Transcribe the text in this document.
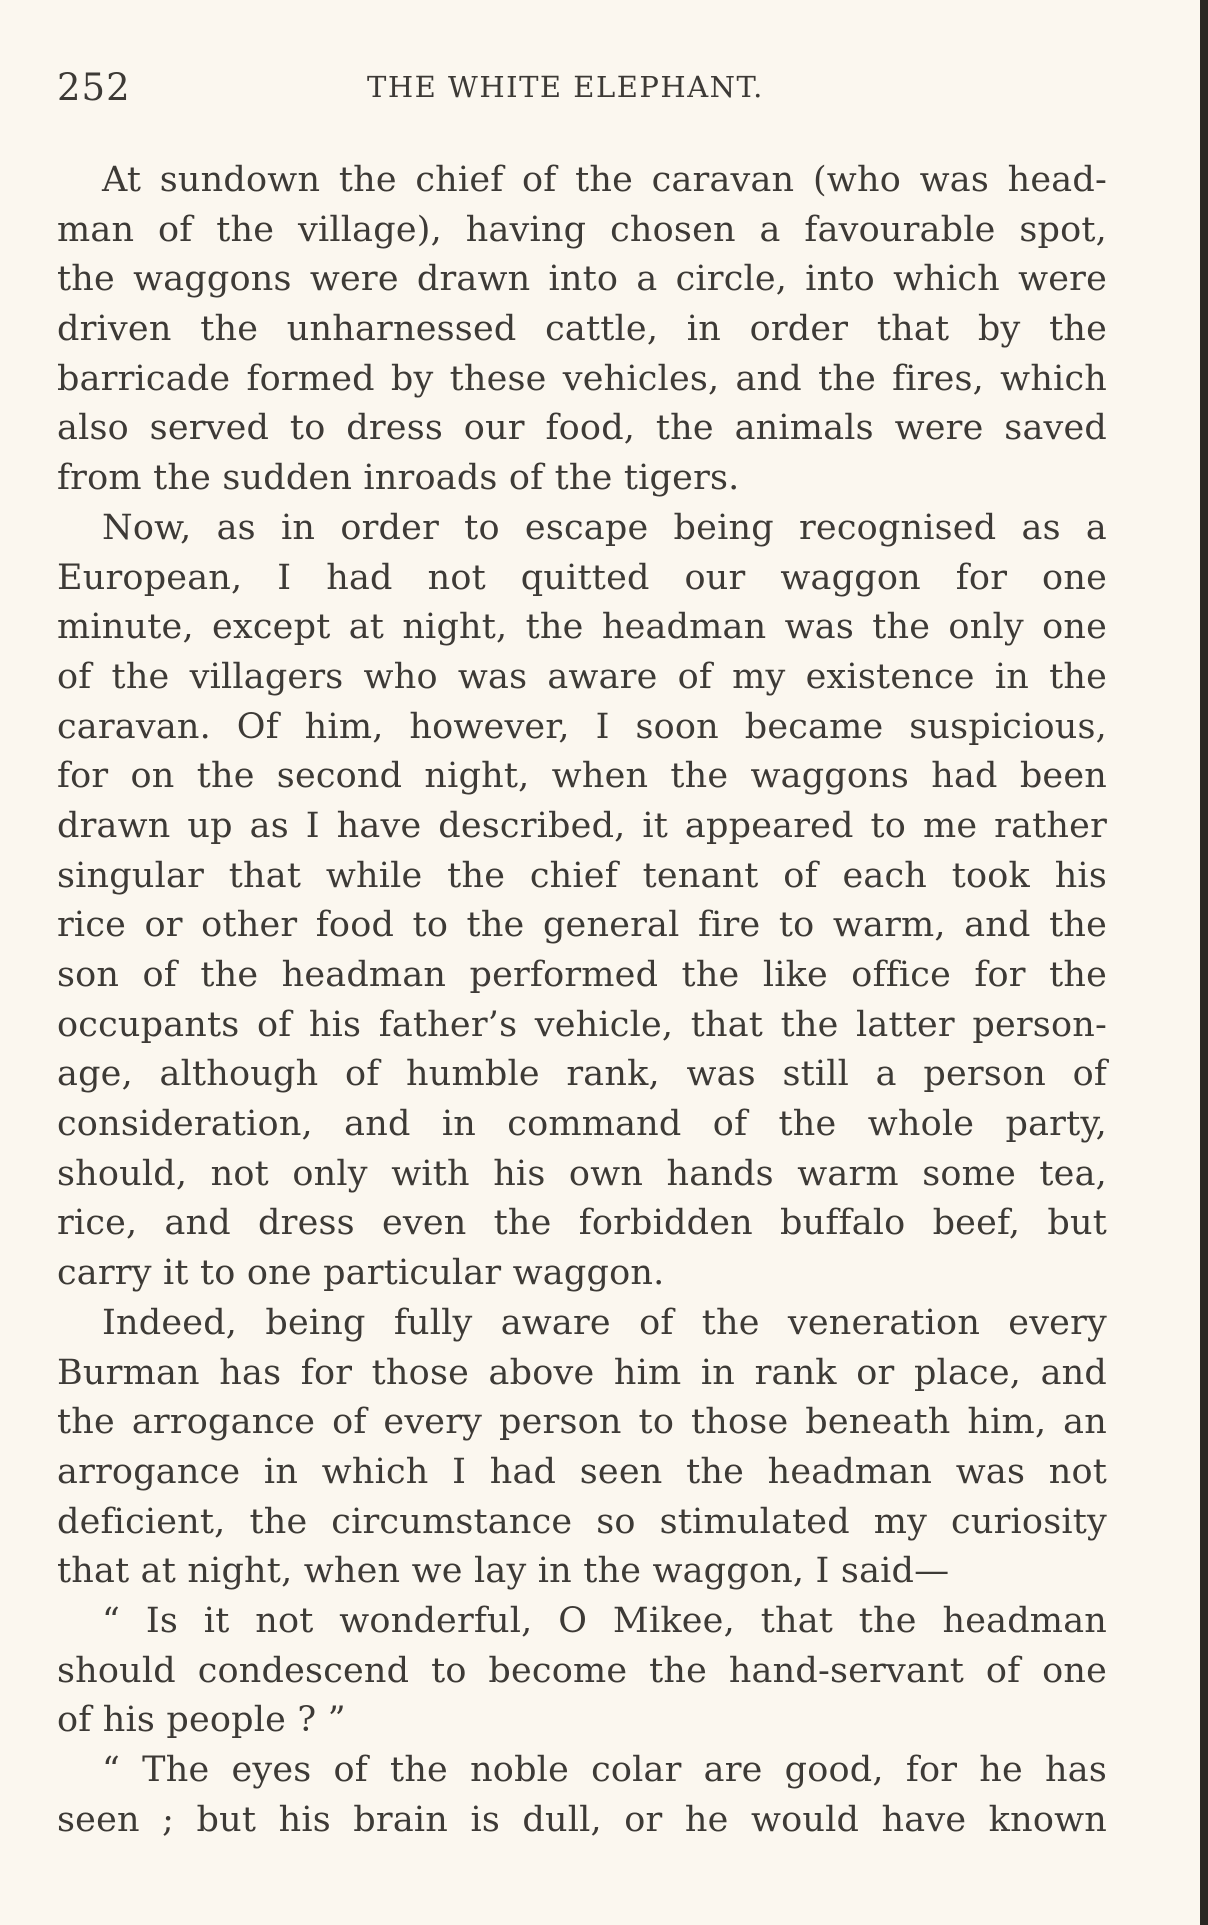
252	THE WHITE ELEPHANT.
At sundown the chief of the caravan (who was head-
man of the village), having chosen a favourable spot,
the waggons were drawn into a circle, into which were
driven the unharnessed cattle, in order that by the
barricade formed by these vehicles, and the fires, which
also served to dress our food, the animals were saved
from the sudden inroads of the tigers.
Now, as in order to escape being recognised as a
European, I had not quitted our waggon for one
minute, except at night, the headman was the only one
of the villagers who was aware of my existence in the
caravan. Of him, however, I soon became suspicious,
for on the second night, when the waggons had been
drawn up as I have described, it appeared to me rather
singular that while the chief tenant of each took his
rice or other food to the general fire to warm, and the
son of the headman performed the like office for the
occupants of his father’s vehicle, that the latter person-
age, although of humble rank, was still a person of
consideration, and in command of the whole party,
should, not only with his own hands warm some tea,
rice, and dress even the forbidden buffalo beef, but
carry it to one particular waggon.
Indeed, being fully aware of the veneration every
Burman has for those above him in rank or place, and
the arrogance of every person to those beneath him, an
arrogance in which I had seen the headman was not
deficient, the circumstance so stimulated my curiosity
that at night, when we lay in the waggon, I said—
“ Is it not wonderful, O Mikee, that the headman
should condescend to become the hand-servant of one
of his people ? ”
“ The eyes of the noble colar are good, for he has
seen ; but his brain is dull, or he would have known
